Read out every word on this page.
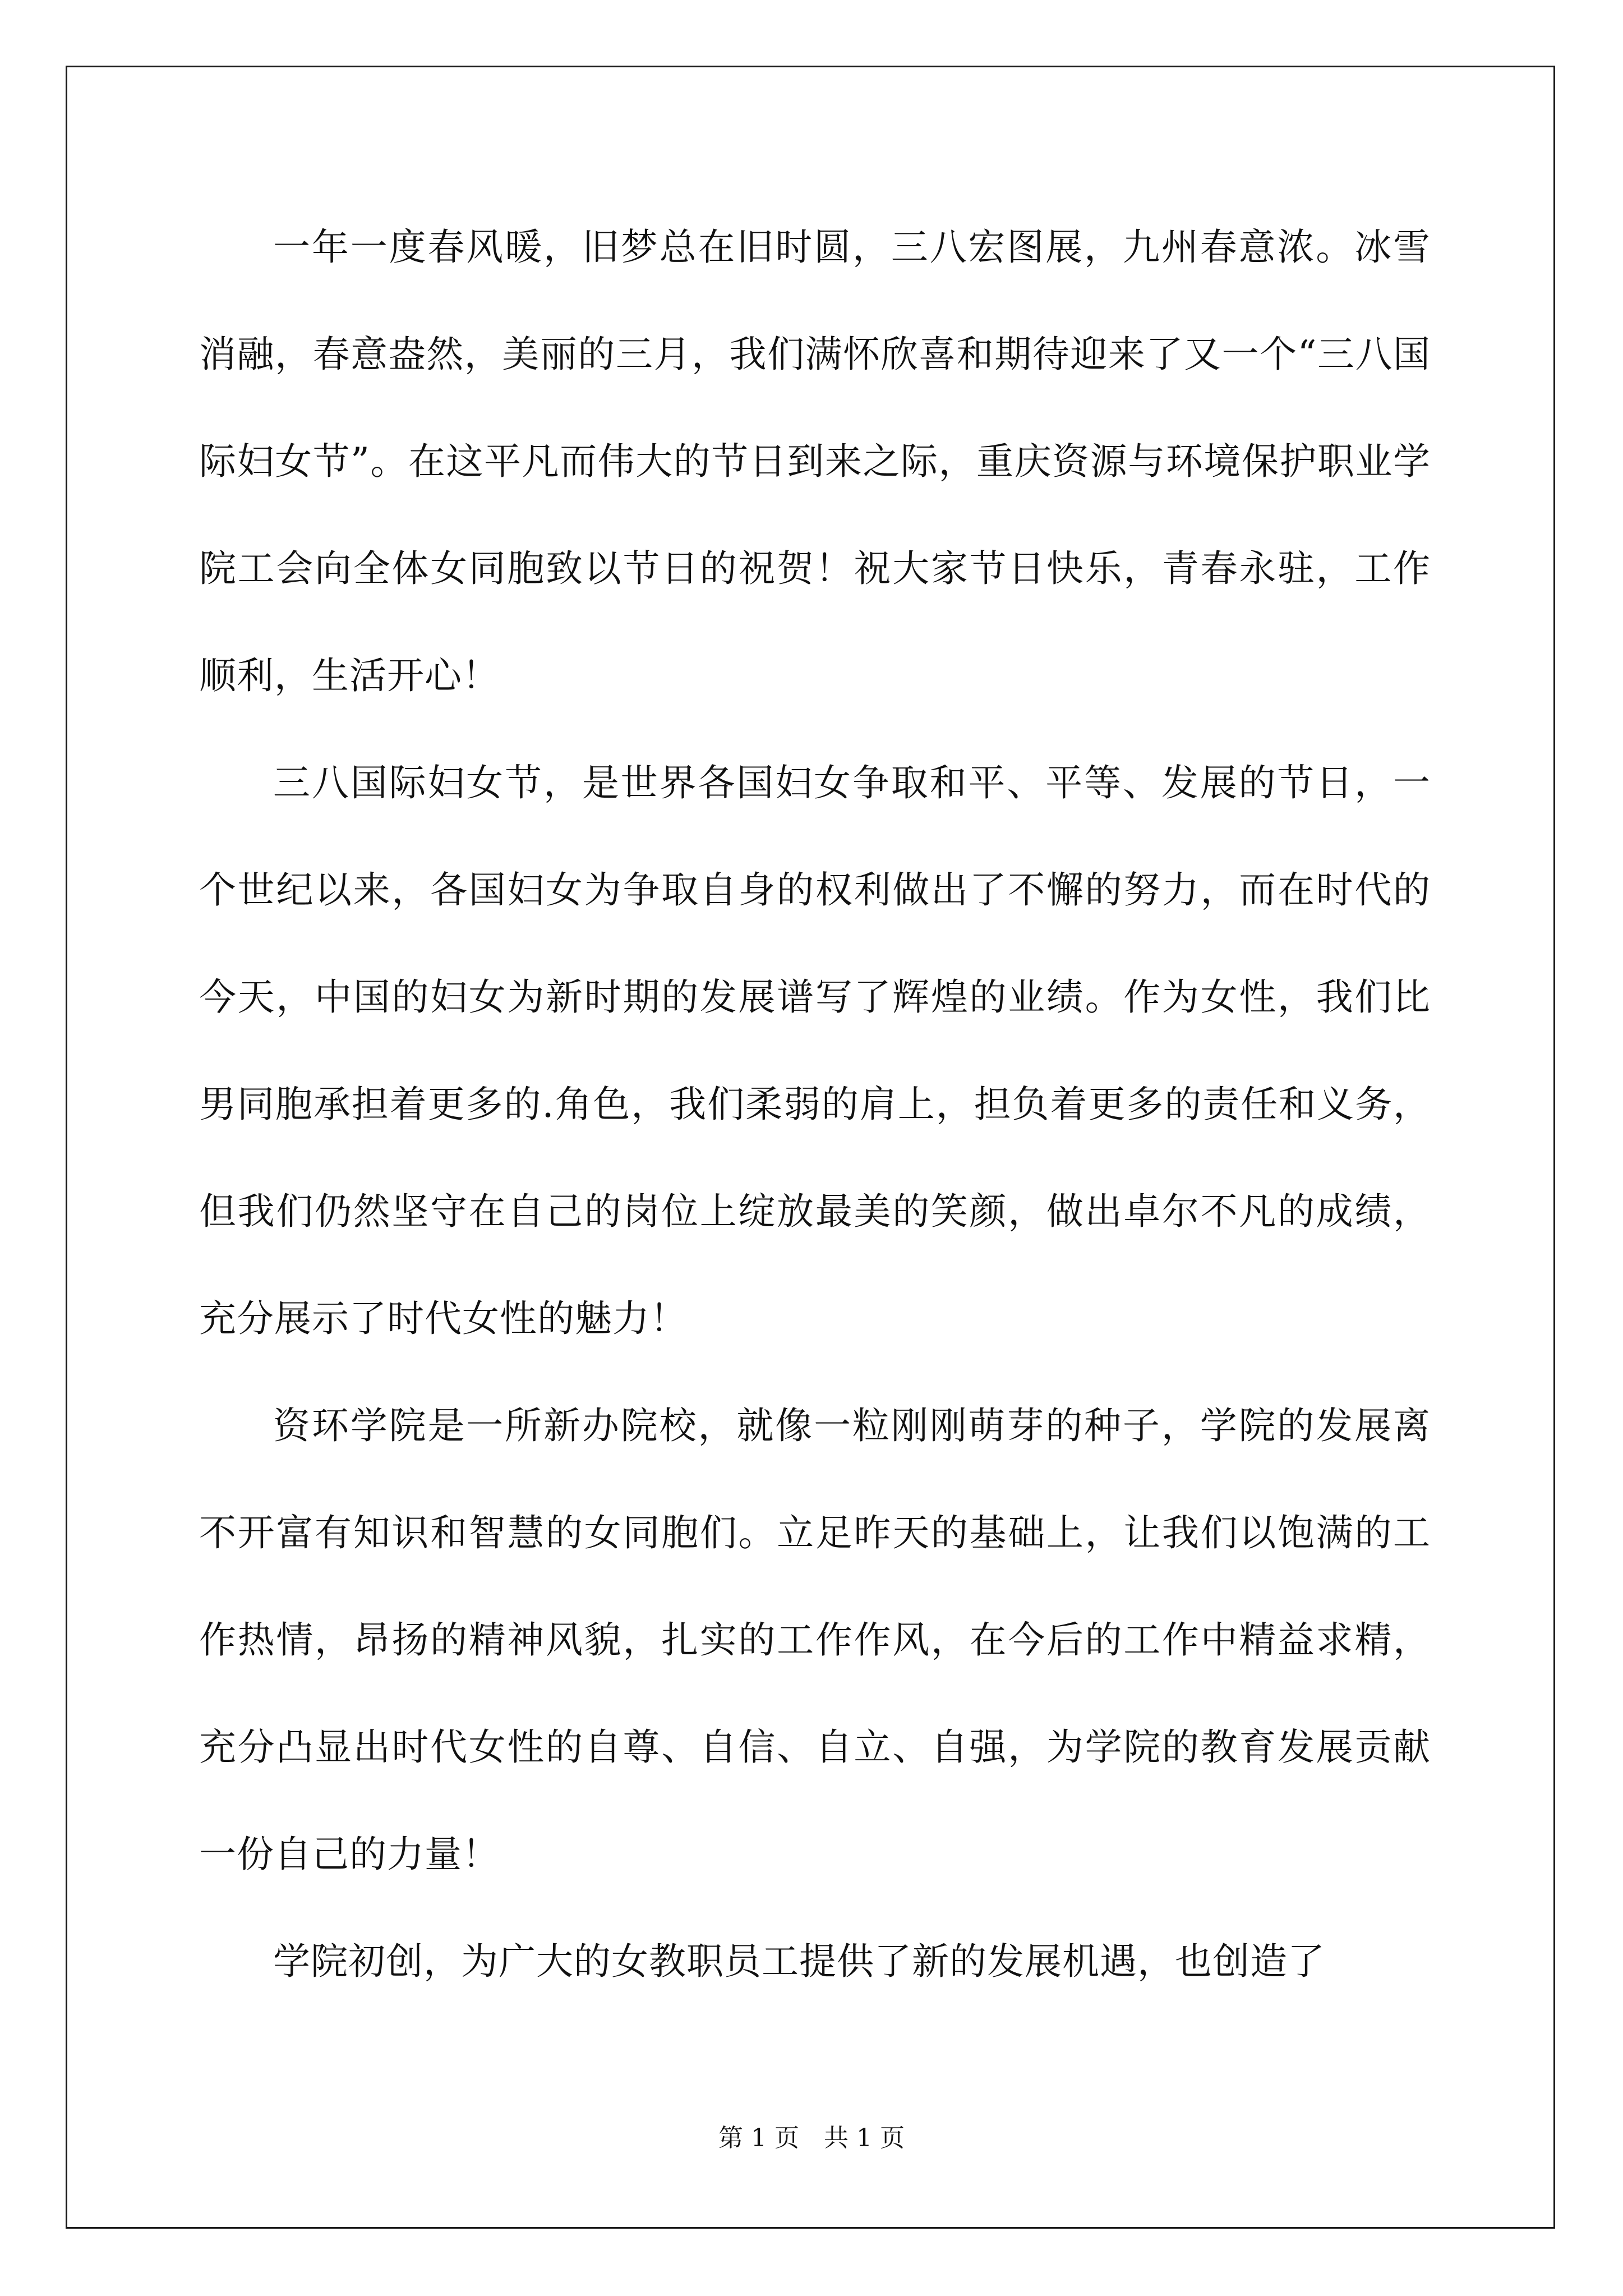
一年一度春风暖，旧梦总在旧时圆，三八宏图展，九州春意浓。冰雪消融，春意盎然，美丽的三月，我们满怀欣喜和期待迎来了又一个“三八国际妇女节”。在这平凡而伟大的节日到来之际，重庆资源与环境保护职业学院工会向全体女同胞致以节日的祝贺！祝大家节日快乐，青春永驻，工作顺利，生活开心！

三八国际妇女节，是世界各国妇女争取和平、平等、发展的节日，一个世纪以来，各国妇女为争取自身的权利做出了不懈的努力，而在时代的今天，中国的妇女为新时期的发展谱写了辉煌的业绩。作为女性，我们比男同胞承担着更多的.角色，我们柔弱的肩上，担负着更多的责任和义务，但我们仍然坚守在自己的岗位上绽放最美的笑颜，做出卓尔不凡的成绩，充分展示了时代女性的魅力！

资环学院是一所新办院校，就像一粒刚刚萌芽的种子，学院的发展离不开富有知识和智慧的女同胞们。立足昨天的基础上，让我们以饱满的工作热情，昂扬的精神风貌，扎实的工作作风，在今后的工作中精益求精，充分凸显出时代女性的自尊、自信、自立、自强，为学院的教育发展贡献一份自己的力量！

学院初创，为广大的女教职员工提供了新的发展机遇，也创造了

第 1 页　共 1 页
